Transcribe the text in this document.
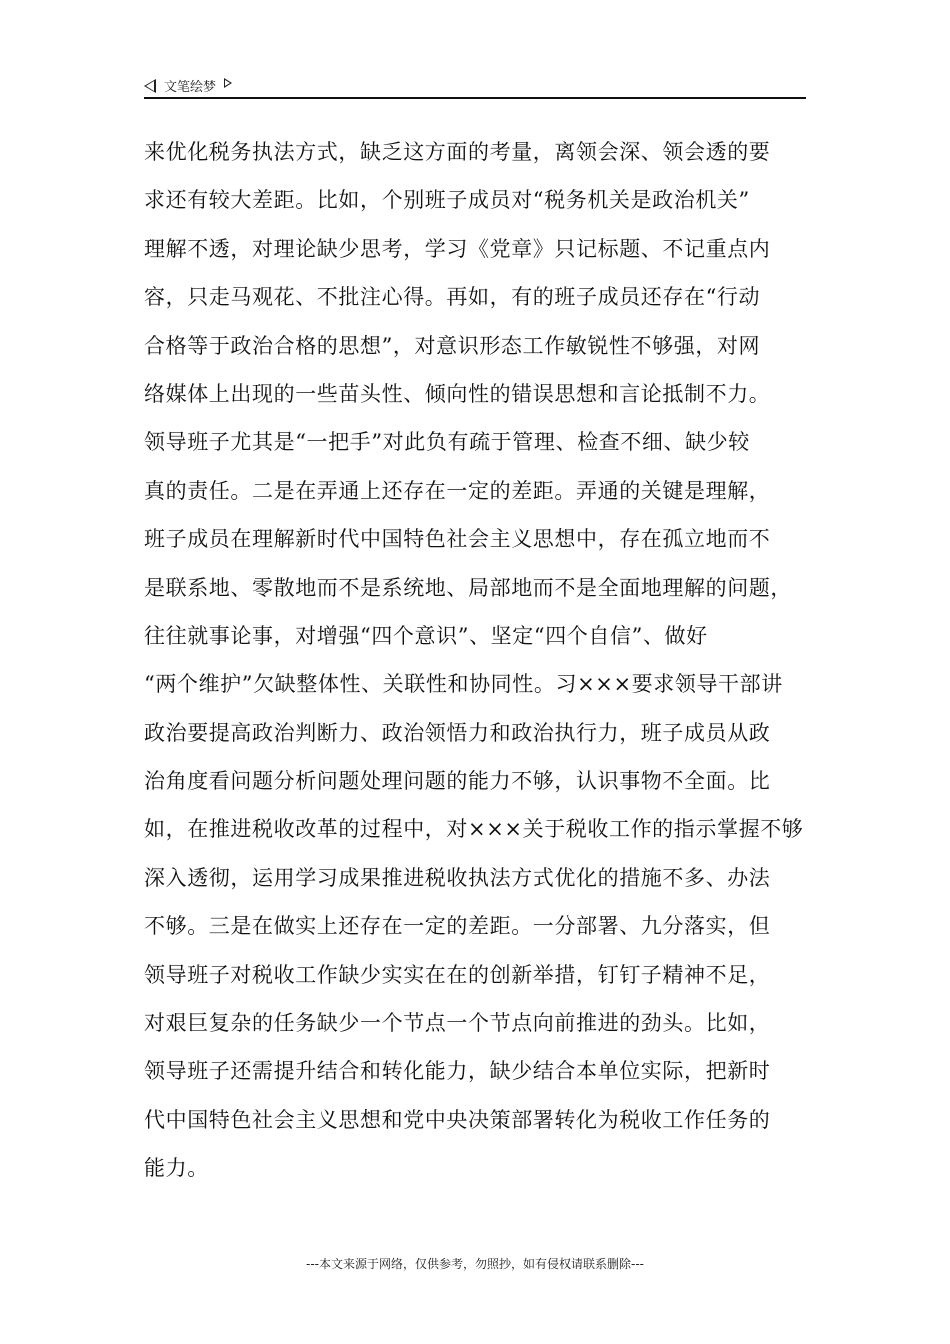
文笔绘梦
来优化税务执法方式，缺乏这方面的考量，离领会深、领会透的要
求还有较大差距。比如，个别班子成员对“税务机关是政治机关”
理解不透，对理论缺少思考，学习《党章》只记标题、不记重点内
容，只走马观花、不批注心得。再如，有的班子成员还存在“行动
合格等于政治合格的思想”，对意识形态工作敏锐性不够强，对网
络媒体上出现的一些苗头性、倾向性的错误思想和言论抵制不力。
领导班子尤其是“一把手”对此负有疏于管理、检查不细、缺少较
真的责任。二是在弄通上还存在一定的差距。弄通的关键是理解，
班子成员在理解新时代中国特色社会主义思想中，存在孤立地而不
是联系地、零散地而不是系统地、局部地而不是全面地理解的问题，
往往就事论事，对增强“四个意识”、坚定“四个自信”、做好
“两个维护”欠缺整体性、关联性和协同性。习×××要求领导干部讲
政治要提高政治判断力、政治领悟力和政治执行力，班子成员从政
治角度看问题分析问题处理问题的能力不够，认识事物不全面。比
如，在推进税收改革的过程中，对×××关于税收工作的指示掌握不够
深入透彻，运用学习成果推进税收执法方式优化的措施不多、办法
不够。三是在做实上还存在一定的差距。一分部署、九分落实，但
领导班子对税收工作缺少实实在在的创新举措，钉钉子精神不足，
对艰巨复杂的任务缺少一个节点一个节点向前推进的劲头。比如，
领导班子还需提升结合和转化能力，缺少结合本单位实际，把新时
代中国特色社会主义思想和党中央决策部署转化为税收工作任务的
能力。
---本文来源于网络，仅供参考，勿照抄，如有侵权请联系删除---
